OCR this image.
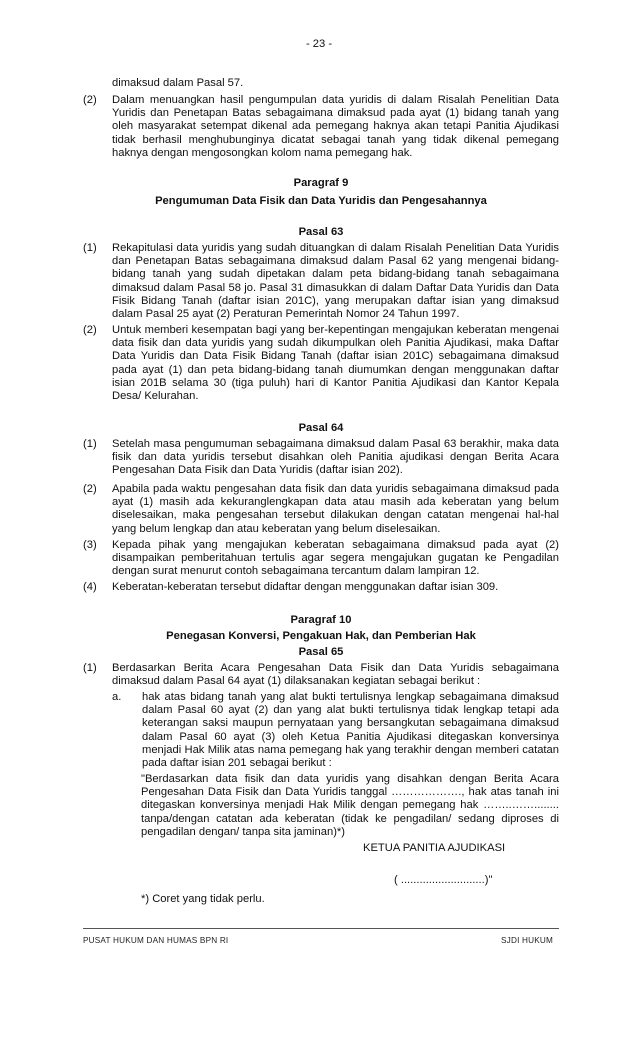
- 23 -
dimaksud dalam Pasal 57.
(2) Dalam menuangkan hasil pengumpulan data yuridis di dalam Risalah Penelitian Data Yuridis dan Penetapan Batas sebagaimana dimaksud pada ayat (1) bidang tanah yang oleh masyarakat setempat dikenal ada pemegang haknya akan tetapi Panitia Ajudikasi tidak berhasil menghubunginya dicatat sebagai tanah yang tidak dikenal pemegang haknya dengan mengosongkan kolom nama pemegang hak.
Paragraf 9
Pengumuman Data Fisik dan Data Yuridis dan Pengesahannya
Pasal 63
(1) Rekapitulasi data yuridis yang sudah dituangkan di dalam Risalah Penelitian Data Yuridis dan Penetapan Batas sebagaimana dimaksud dalam Pasal 62 yang mengenai bidang-bidang tanah yang sudah dipetakan dalam peta bidang-bidang tanah sebagaimana dimaksud dalam Pasal 58 jo. Pasal 31 dimasukkan di dalam Daftar Data Yuridis dan Data Fisik Bidang Tanah (daftar isian 201C), yang merupakan daftar isian yang dimaksud dalam Pasal 25 ayat (2) Peraturan Pemerintah Nomor 24 Tahun 1997.
(2) Untuk memberi kesempatan bagi yang ber-kepentingan mengajukan keberatan mengenai data fisik dan data yuridis yang sudah dikumpulkan oleh Panitia Ajudikasi, maka Daftar Data Yuridis dan Data Fisik Bidang Tanah (daftar isian 201C) sebagaimana dimaksud pada ayat (1) dan peta bidang-bidang tanah diumumkan dengan menggunakan daftar isian 201B selama 30 (tiga puluh) hari di Kantor Panitia Ajudikasi dan Kantor Kepala Desa/ Kelurahan.
Pasal 64
(1) Setelah masa pengumuman sebagaimana dimaksud dalam Pasal 63 berakhir, maka data fisik dan data yuridis tersebut disahkan oleh Panitia ajudikasi dengan Berita Acara Pengesahan Data Fisik dan Data Yuridis (daftar isian 202).
(2) Apabila pada waktu pengesahan data fisik dan data yuridis sebagaimana dimaksud pada ayat (1) masih ada kekuranglengkapan data atau masih ada keberatan yang belum diselesaikan, maka pengesahan tersebut dilakukan dengan catatan mengenai hal-hal yang belum lengkap dan atau keberatan yang belum diselesaikan.
(3) Kepada pihak yang mengajukan keberatan sebagaimana dimaksud pada ayat (2) disampaikan pemberitahuan tertulis agar segera mengajukan gugatan ke Pengadilan dengan surat menurut contoh sebagaimana tercantum dalam lampiran 12.
(4) Keberatan-keberatan tersebut didaftar dengan menggunakan daftar isian 309.
Paragraf 10
Penegasan Konversi, Pengakuan Hak, dan Pemberian Hak
Pasal 65
(1) Berdasarkan Berita Acara Pengesahan Data Fisik dan Data Yuridis sebagaimana dimaksud dalam Pasal 64 ayat (1) dilaksanakan kegiatan sebagai berikut :
a. hak atas bidang tanah yang alat bukti tertulisnya lengkap sebagaimana dimaksud dalam Pasal 60 ayat (2) dan yang alat bukti tertulisnya tidak lengkap tetapi ada keterangan saksi maupun pernyataan yang bersangkutan sebagaimana dimaksud dalam Pasal 60 ayat (3) oleh Ketua Panitia Ajudikasi ditegaskan konversinya menjadi Hak Milik atas nama pemegang hak yang terakhir dengan memberi catatan pada daftar isian 201 sebagai berikut :
"Berdasarkan data fisik dan data yuridis yang disahkan dengan Berita Acara Pengesahan Data Fisik dan Data Yuridis tanggal ………………., hak atas tanah ini ditegaskan konversinya menjadi Hak Milik dengan pemegang hak ……..……........ tanpa/dengan catatan ada keberatan (tidak ke pengadilan/ sedang diproses di pengadilan dengan/ tanpa sita jaminan)*)
KETUA PANITIA AJUDIKASI
( ...........................)"
*) Coret yang tidak perlu.
PUSAT HUKUM DAN HUMAS BPN RI	SJDI HUKUM
